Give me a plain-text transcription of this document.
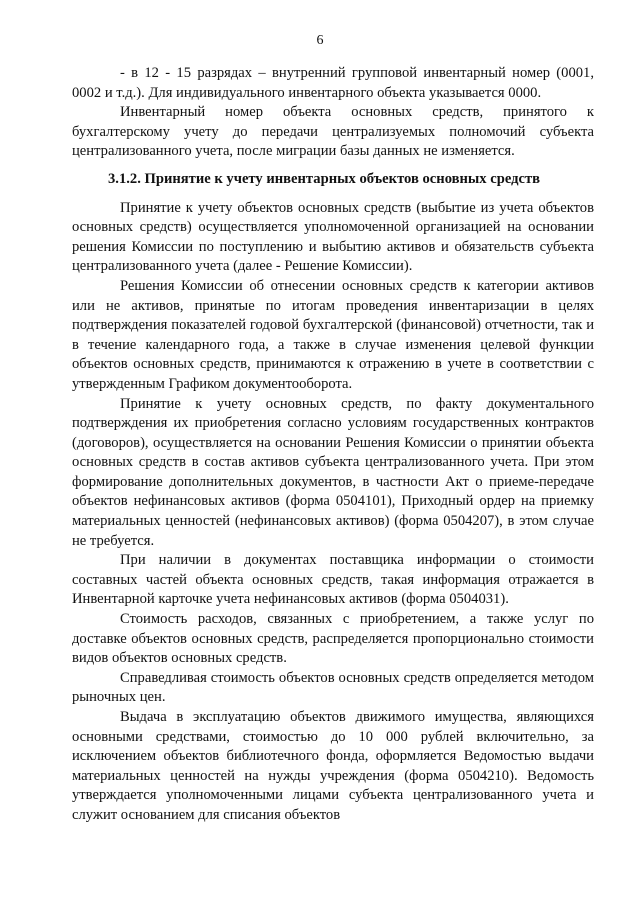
6

- в 12 - 15 разрядах – внутренний групповой инвентарный номер (0001, 0002 и т.д.). Для индивидуального инвентарного объекта указывается 0000.

Инвентарный номер объекта основных средств, принятого к бухгалтерскому учету до передачи централизуемых полномочий субъекта централизованного учета, после миграции базы данных не изменяется.

3.1.2. Принятие к учету инвентарных объектов основных средств

Принятие к учету объектов основных средств (выбытие из учета объектов основных средств) осуществляется уполномоченной организацией на основании решения Комиссии по поступлению и выбытию активов и обязательств субъекта централизованного учета (далее - Решение Комиссии).

Решения Комиссии об отнесении основных средств к категории активов или не активов, принятые по итогам проведения инвентаризации в целях подтверждения показателей годовой бухгалтерской (финансовой) отчетности, так и в течение календарного года, а также в случае изменения целевой функции объектов основных средств, принимаются к отражению в учете в соответствии с утвержденным Графиком документооборота.

Принятие к учету основных средств, по факту документального подтверждения их приобретения согласно условиям государственных контрактов (договоров), осуществляется на основании Решения Комиссии о принятии объекта основных средств в состав активов субъекта централизованного учета. При этом формирование дополнительных документов, в частности Акт о приеме-передаче объектов нефинансовых активов (форма 0504101), Приходный ордер на приемку материальных ценностей (нефинансовых активов) (форма 0504207), в этом случае не требуется.

При наличии в документах поставщика информации о стоимости составных частей объекта основных средств, такая информация отражается в Инвентарной карточке учета нефинансовых активов (форма 0504031).

Стоимость расходов, связанных с приобретением, а также услуг по доставке объектов основных средств, распределяется пропорционально стоимости видов объектов основных средств.

Справедливая стоимость объектов основных средств определяется методом рыночных цен.

Выдача в эксплуатацию объектов движимого имущества, являющихся основными средствами, стоимостью до 10 000 рублей включительно, за исключением объектов библиотечного фонда, оформляется Ведомостью выдачи материальных ценностей на нужды учреждения (форма 0504210). Ведомость утверждается уполномоченными лицами субъекта централизованного учета и служит основанием для списания объектов
